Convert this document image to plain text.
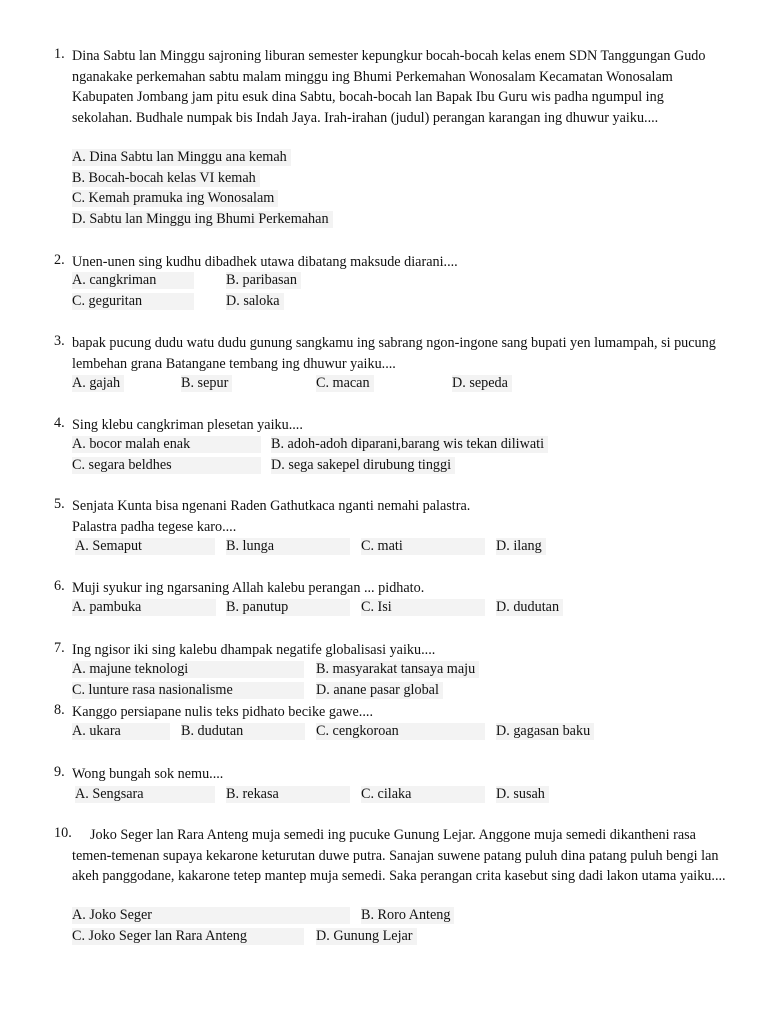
1. Dina Sabtu lan Minggu sajroning liburan semester kepungkur bocah-bocah kelas enem SDN Tanggungan Gudo nganakake perkemahan sabtu malam minggu ing Bhumi Perkemahan Wonosalam Kecamatan Wonosalam Kabupaten Jombang jam pitu esuk dina Sabtu, bocah-bocah lan Bapak Ibu Guru wis padha ngumpul ing sekolahan. Budhale numpak bis Indah Jaya. Irah-irahan (judul) perangan karangan ing dhuwur yaiku....
A. Dina Sabtu lan Minggu ana kemah
B. Bocah-bocah kelas VI kemah
C. Kemah pramuka ing Wonosalam
D. Sabtu lan Minggu ing Bhumi Perkemahan
2. Unen-unen sing kudhu dibadhek utawa dibatang maksude diarani....
A. cangkriman	B. paribasan
C. geguritan	D. saloka
3. bapak pucung dudu watu dudu gunung sangkamu ing sabrang ngon-ingone sang bupati yen lumampah, si pucung lembehan grana Batangane tembang ing dhuwur yaiku....
A. gajah	B. sepur	C. macan	D. sepeda
4. Sing klebu cangkriman plesetan yaiku....
A. bocor malah enak	B. adoh-adoh diparani,barang wis tekan diliwati
C. segara beldhes	D. sega sakepel dirubung tinggi
5. Senjata Kunta bisa ngenani Raden Gathutkaca nganti nemahi palastra.
Palastra padha tegese karo....
A. Semaput	B. lunga	C. mati	D. ilang
6. Muji syukur ing ngarsaning Allah kalebu perangan ... pidhato.
A. pambuka	B. panutup	C. Isi	D. dudutan
7. Ing ngisor iki sing kalebu dhampak negatife globalisasi yaiku....
A. majune teknologi	B. masyarakat tansaya maju
C. lunture rasa nasionalisme	D. anane pasar global
8. Kanggo persiapane nulis teks pidhato becike gawe....
A. ukara	B. dudutan	C. cengkoroan	D. gagasan baku
9. Wong bungah sok nemu....
A. Sengsara	B. rekasa	C. cilaka	D. susah
10.	Joko Seger lan Rara Anteng muja semedi ing pucuke Gunung Lejar. Anggone muja semedi dikantheni rasa temen-temenan supaya kekarone keturutan duwe putra. Sanajan suwene patang puluh dina patang puluh bengi lan akeh panggodane, kakarone tetep mantep muja semedi. Saka perangan crita kasebut sing dadi lakon utama yaiku....
A. Joko Seger	B. Roro Anteng
C. Joko Seger lan Rara Anteng	D. Gunung Lejar
